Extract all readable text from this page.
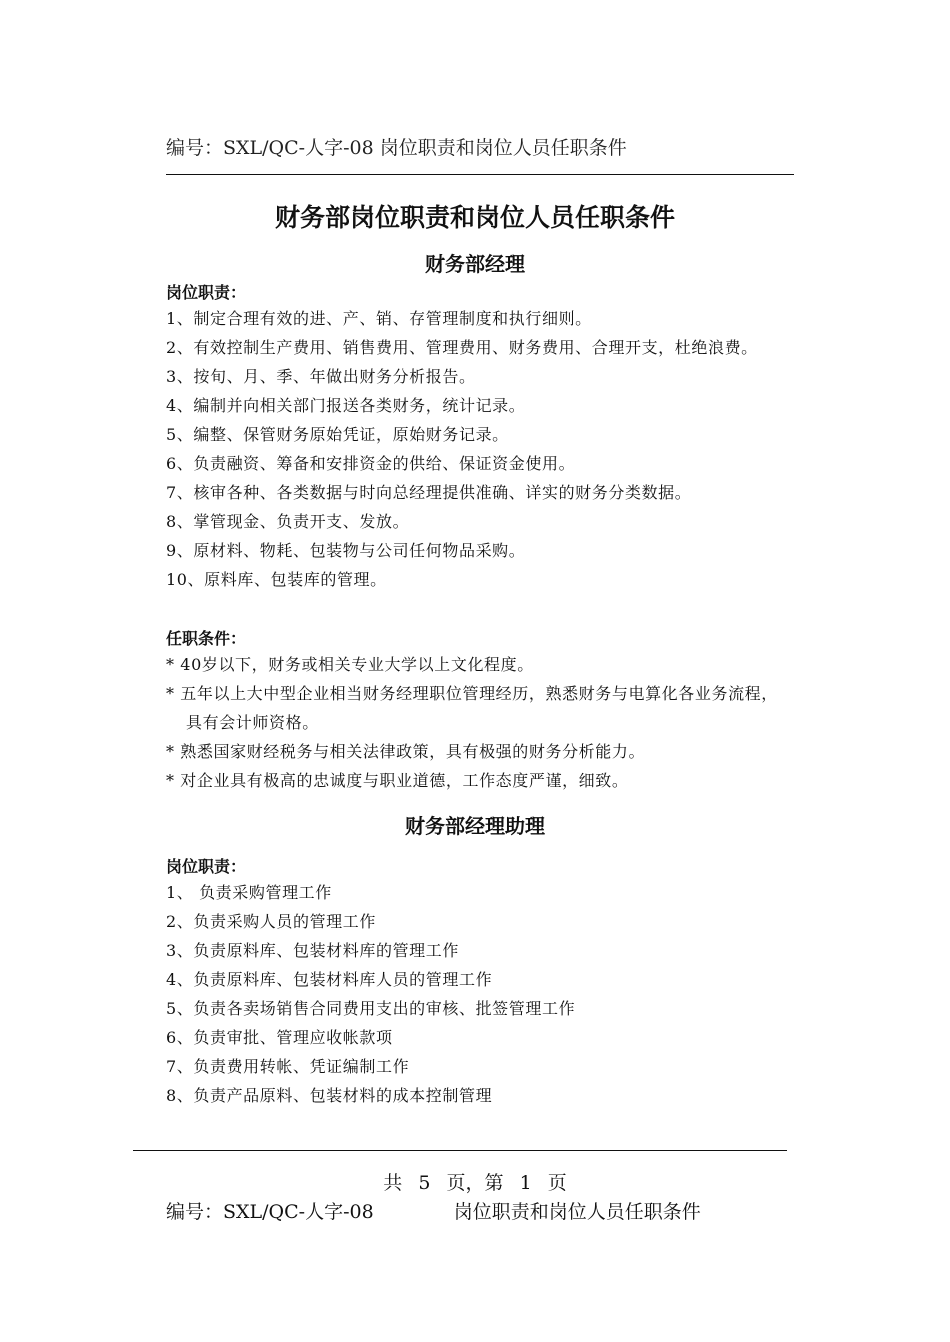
编号：SXL/QC-人字-08 岗位职责和岗位人员任职条件
财务部岗位职责和岗位人员任职条件
财务部经理
岗位职责：
1、制定合理有效的进、产、销、存管理制度和执行细则。
2、有效控制生产费用、销售费用、管理费用、财务费用、合理开支，杜绝浪费。
3、按旬、月、季、年做出财务分析报告。
4、编制并向相关部门报送各类财务，统计记录。
5、编整、保管财务原始凭证，原始财务记录。
6、负责融资、筹备和安排资金的供给、保证资金使用。
7、核审各种、各类数据与时向总经理提供准确、详实的财务分类数据。
8、掌管现金、负责开支、发放。
9、原材料、物耗、包装物与公司任何物品采购。
10、原料库、包装库的管理。
任职条件：
* 40岁以下，财务或相关专业大学以上文化程度。
* 五年以上大中型企业相当财务经理职位管理经历，熟悉财务与电算化各业务流程，具有会计师资格。
* 熟悉国家财经税务与相关法律政策，具有极强的财务分析能力。
* 对企业具有极高的忠诚度与职业道德，工作态度严谨，细致。
财务部经理助理
岗位职责：
1、 负责采购管理工作
2、负责采购人员的管理工作
3、负责原料库、包装材料库的管理工作
4、负责原料库、包装材料库人员的管理工作
5、负责各卖场销售合同费用支出的审核、批签管理工作
6、负责审批、管理应收帐款项
7、负责费用转帐、凭证编制工作
8、负责产品原料、包装材料的成本控制管理
共  5  页，第  1  页
编号：SXL/QC-人字-08	岗位职责和岗位人员任职条件
